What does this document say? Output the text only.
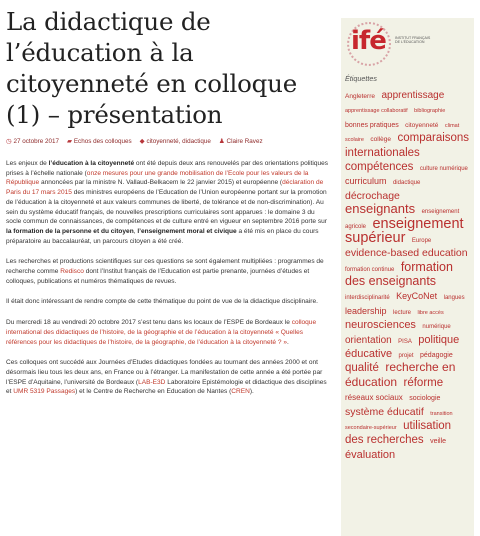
La didactique de l’éducation à la citoyenneté en colloque (1) – présentation
◷ 27 octobre 2017 ▰ Echos des colloques ◆ citoyenneté, didactique ♟ Claire Ravez

Les enjeux de l’éducation à la citoyenneté ont été depuis deux ans renouvelés par des orientations politiques prises à l’échelle nationale (onze mesures pour une grande mobilisation de l’Ecole pour les valeurs de la République annoncées par la ministre N. Vallaud-Belkacem le 22 janvier 2015) et européenne (déclaration de Paris du 17 mars 2015 des ministres européens de l’Education de l’Union européenne portant sur la promotion de l’éducation à la citoyenneté et aux valeurs communes de liberté, de tolérance et de non-discrimination). Au sein du système éducatif français, de nouvelles prescriptions curriculaires sont apparues : le domaine 3 du socle commun de connaissances, de compétences et de culture entré en vigueur en septembre 2016 porte sur la formation de la personne et du citoyen, l’enseignement moral et civique a été mis en place du cours préparatoire au baccalauréat, un parcours citoyen a été créé.

Les recherches et productions scientifiques sur ces questions se sont également multipliées : programmes de recherche comme Redisco dont l’Institut français de l’Education est partie prenante, journées d’études et colloques, publications et numéros thématiques de revues.

Il était donc intéressant de rendre compte de cette thématique du point de vue de la didactique disciplinaire.

Du mercredi 18 au vendredi 20 octobre 2017 s’est tenu dans les locaux de l’ESPE de Bordeaux le colloque international des didactiques de l’histoire, de la géographie et de l’éducation à la citoyenneté « Quelles références pour les didactiques de l’histoire, de la géographie, de l’éducation à la citoyenneté ? ».

Ces colloques ont succédé aux Journées d’Etudes didactiques fondées au tournant des années 2000 et ont désormais lieu tous les deux ans, en France ou à l’étranger. La manifestation de cette année a été portée par l’ESPE d’Aquitaine, l’université de Bordeaux (LAB-E3D Laboratoire Epistémologie et didactique des disciplines et UMR 5319 Passages) et le Centre de Recherche en Education de Nantes (CREN).

ifé	INSTITUT FRANÇAIS DE L’ÉDUCATION
Étiquettes
Angleterre apprentissage apprentissage collaboratif bibliographie bonnes pratiques citoyenneté climat scolaire collège comparaisons internationales compétences culture numérique curriculum didactique décrochage enseignants enseignement agricole enseignement supérieur Europe evidence-based education formation continue formation des enseignants interdisciplinarité KeyCoNet langues leadership lecture libre accès neurosciences numérique orientation PISA politique éducative projet pédagogie qualité recherche en éducation réforme réseaux sociaux sociologie système éducatif transition secondaire-supérieur utilisation des recherches veille évaluation
